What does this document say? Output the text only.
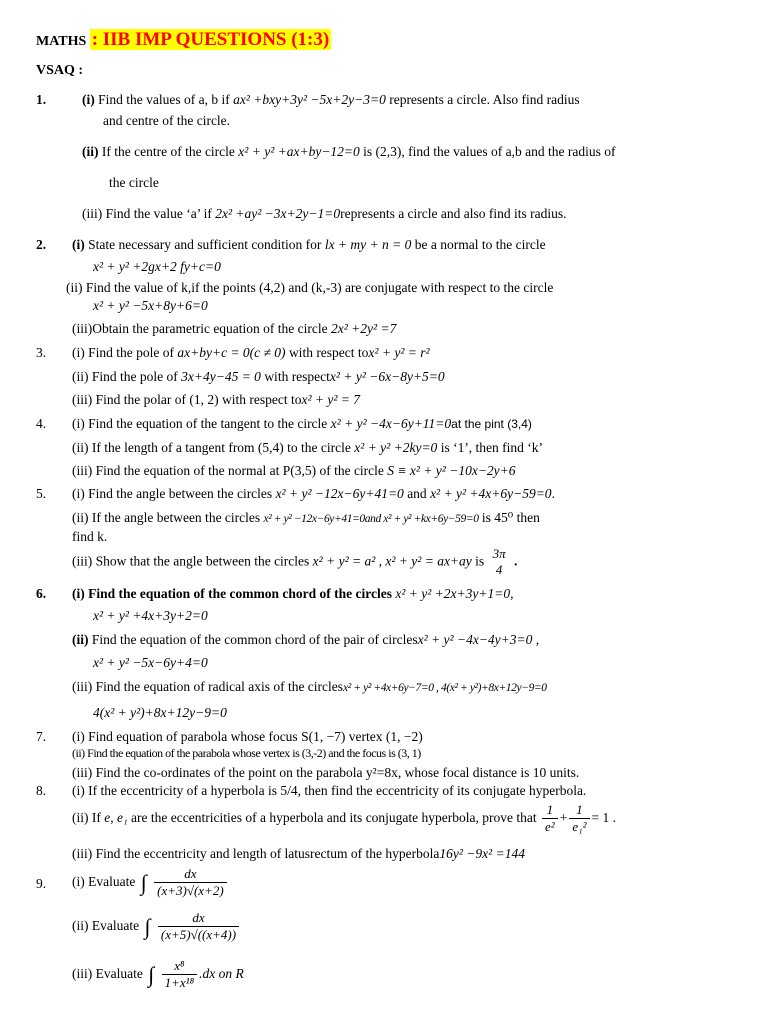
MATHS : IIB IMP QUESTIONS (1:3)
VSAQ :
1.	(i) Find the values of a, b if ax² +bxy+3y² −5x+2y−3=0 represents a circle. Also find radius
and centre of the circle.
(ii) If the centre of the circle x² + y² +ax+by−12=0 is (2,3), find the values of a,b and the radius of
the circle
(iii) Find the value ‘a’ if 2x² +ay² −3x+2y−1=0represents a circle and also find its radius.
2. (i) State necessary and sufficient condition for lx + my + n = 0 be a normal to the circle
x² + y² +2gx+2 fy+c=0
(ii) Find the value of k,if the points (4,2) and (k,-3) are conjugate with respect to the circle
x² + y² −5x+8y+6=0
(iii)Obtain the parametric equation of the circle 2x² +2y² =7
3. (i) Find the pole of ax+by+c = 0(c ≠ 0) with respect tox² + y² = r²
(ii) Find the pole of 3x+4y−45 = 0 with respectx² + y² −6x−8y+5=0
(iii) Find the polar of (1, 2) with respect tox² + y² = 7
4. (i) Find the equation of the tangent to the circle x² + y² −4x−6y+11=0at the pint (3,4)
(ii) If the length of a tangent from (5,4) to the circle x² + y² +2ky=0 is ‘1’, then find ‘k’
(iii) Find the equation of the normal at P(3,5) of the circle S ≡ x² + y² −10x−2y+6
5. (i) Find the angle between the circles x² + y² −12x−6y+41=0 and x² + y² +4x+6y−59=0.
(ii) If the angle between the circles x² + y² −12x−6y+41=0and x² + y² +kx+6y−59=0 is 45⁰ then
find k.
(iii) Show that the angle between the circles x² + y² = a² , x² + y² = ax+ay is 3π
4
.
6. (i) Find the equation of the common chord of the circles x² + y² +2x+3y+1=0,
x² + y² +4x+3y+2=0
(ii) Find the equation of the common chord of the pair of circlesx² + y² −4x−4y+3=0 ,
x² + y² −5x−6y+4=0
(iii) Find the equation of radical axis of the circlesx² + y² +4x+6y−7=0 , 4(x² + y²)+8x+12y−9=0
4(x² + y²)+8x+12y−9=0
7. (i) Find equation of parabola whose focus S(1, −7) vertex (1, −2)
(ii) Find the equation of the parabola whose vertex is (3,-2) and the focus is (3, 1)
(iii) Find the co-ordinates of the point on the parabola y²=8x, whose focal distance is 10 units.
8. (i) If the eccentricity of a hyperbola is 5/4, then find the eccentricity of its conjugate hyperbola.
(ii) If e, e₁ are the eccentricities of a hyperbola and its conjugate hyperbola, prove that $\frac{1}{\text{e²}} + \frac{1}{\text{e₁²}} = 1$ .
(iii) Find the eccentricity and length of latusrectum of the hyperbola16y² −9x² =144
9. (i) Evaluate ∫ $\frac{dx}{(x+3)√(x+2)}$
(ii) Evaluate ∫ $\frac{dx}{(x+5)√((x+4))}$
(iii) Evaluate ∫ $\frac{\text{x⁸}}{\text{1+x¹⁸}} .dx$ on R
